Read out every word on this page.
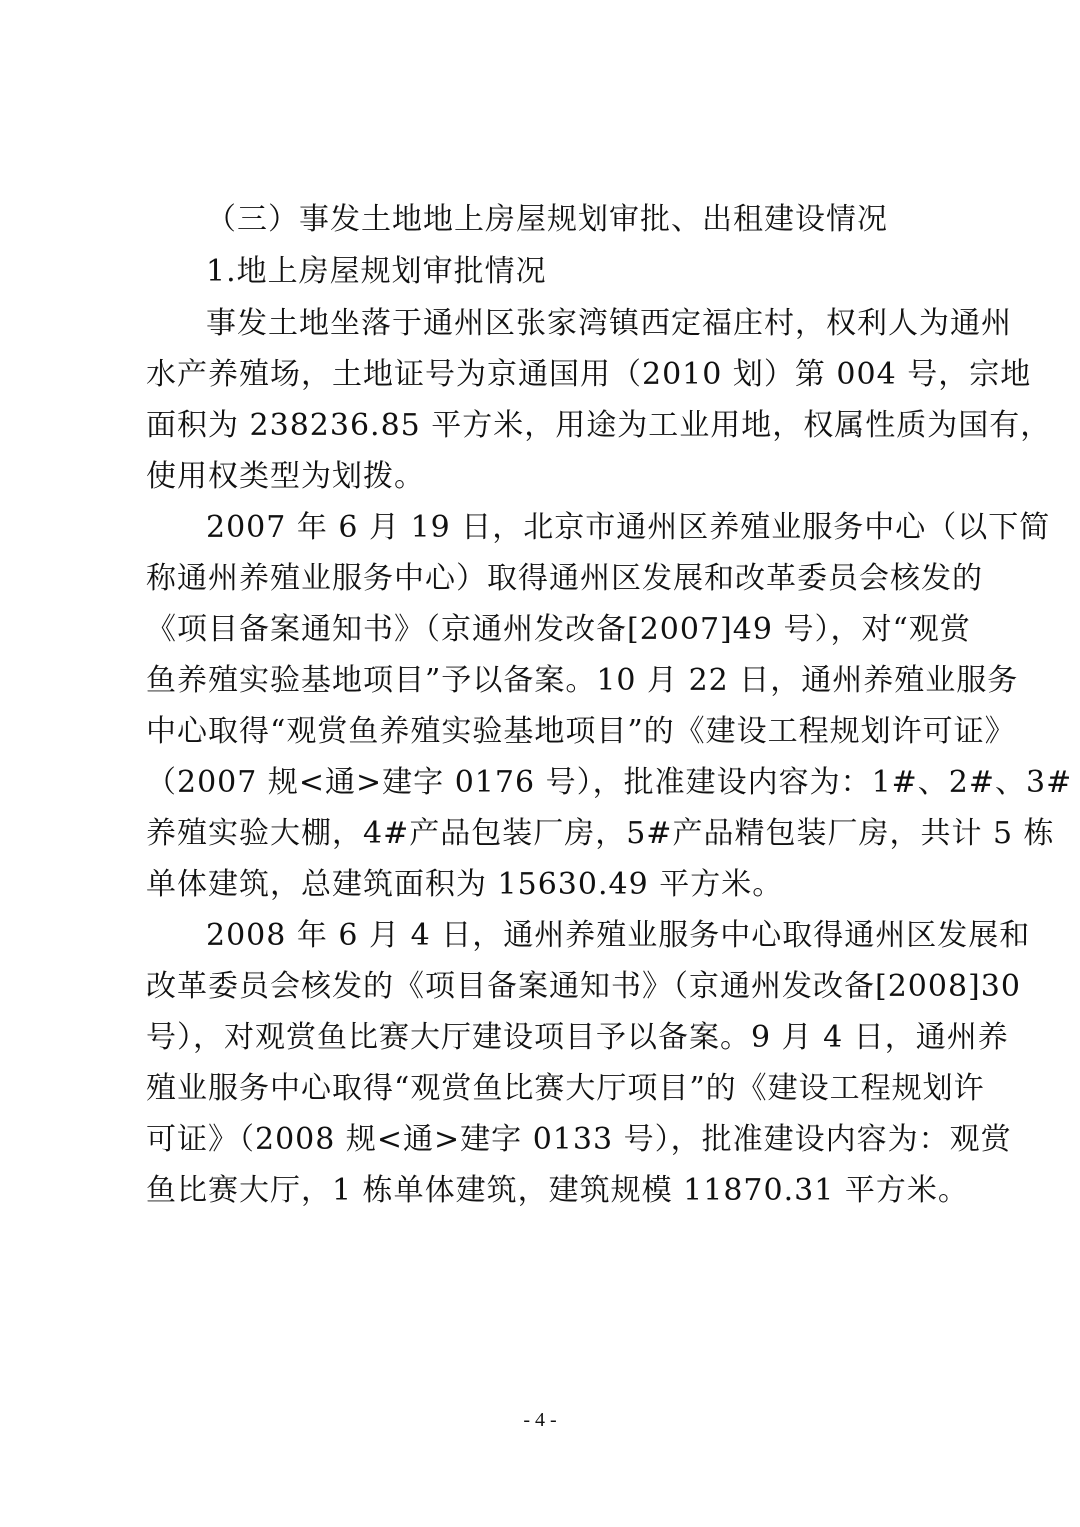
（三）事发土地地上房屋规划审批、出租建设情况
1.地上房屋规划审批情况
事发土地坐落于通州区张家湾镇西定福庄村，权利人为通州
水产养殖场，土地证号为京通国用（2010 划）第 004 号，宗地
面积为 238236.85 平方米，用途为工业用地，权属性质为国有，
使用权类型为划拨。
2007 年 6 月 19 日，北京市通州区养殖业服务中心（以下简
称通州养殖业服务中心）取得通州区发展和改革委员会核发的
《项目备案通知书》（京通州发改备[2007]49 号），对“观赏
鱼养殖实验基地项目”予以备案。10 月 22 日，通州养殖业服务
中心取得“观赏鱼养殖实验基地项目”的《建设工程规划许可证》
（2007 规<通>建字 0176 号），批准建设内容为：1#、2#、3#
养殖实验大棚，4#产品包装厂房，5#产品精包装厂房，共计 5 栋
单体建筑，总建筑面积为 15630.49 平方米。
2008 年 6 月 4 日，通州养殖业服务中心取得通州区发展和
改革委员会核发的《项目备案通知书》（京通州发改备[2008]30
号），对观赏鱼比赛大厅建设项目予以备案。9 月 4 日，通州养
殖业服务中心取得“观赏鱼比赛大厅项目”的《建设工程规划许
可证》（2008 规<通>建字 0133 号），批准建设内容为：观赏
鱼比赛大厅，1 栋单体建筑，建筑规模 11870.31 平方米。
- 4 -
